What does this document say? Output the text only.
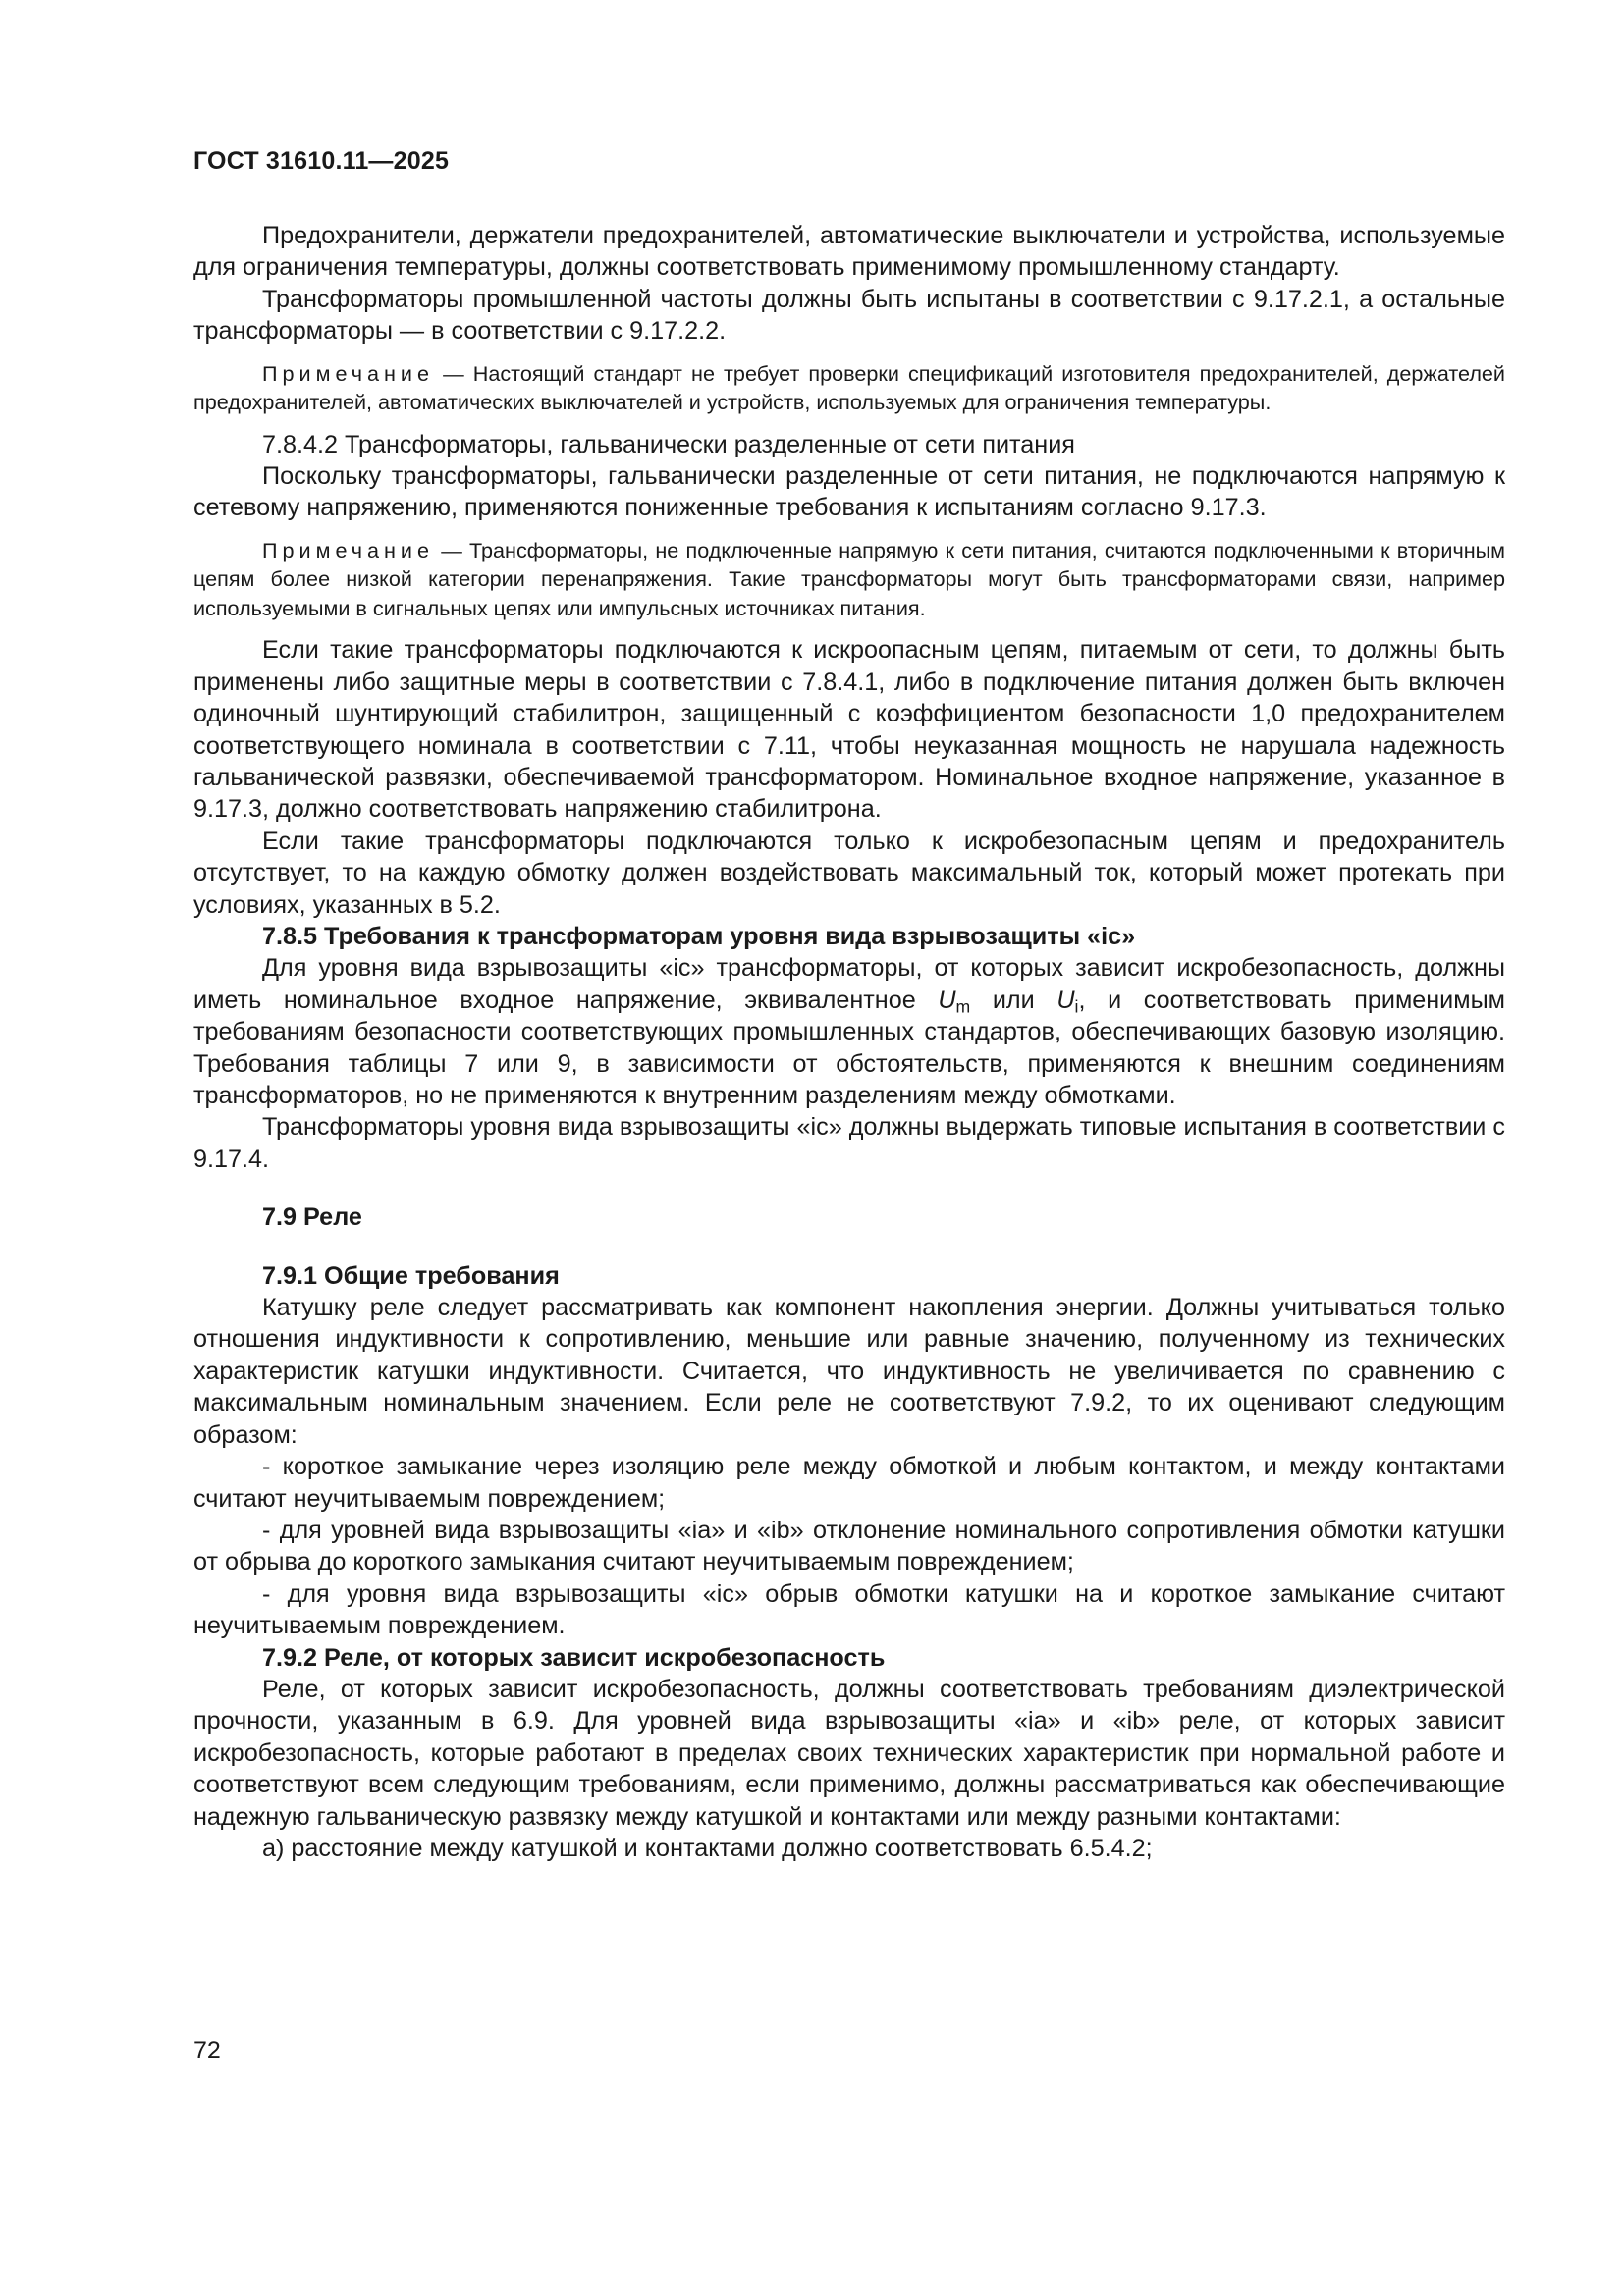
ГОСТ 31610.11—2025

Предохранители, держатели предохранителей, автоматические выключатели и устройства, используемые для ограничения температуры, должны соответствовать применимому промышленному стандарту.

Трансформаторы промышленной частоты должны быть испытаны в соответствии с 9.17.2.1, а остальные трансформаторы — в соответствии с 9.17.2.2.

Примечание — Настоящий стандарт не требует проверки спецификаций изготовителя предохранителей, держателей предохранителей, автоматических выключателей и устройств, используемых для ограничения температуры.

7.8.4.2 Трансформаторы, гальванически разделенные от сети питания

Поскольку трансформаторы, гальванически разделенные от сети питания, не подключаются напрямую к сетевому напряжению, применяются пониженные требования к испытаниям согласно 9.17.3.

Примечание — Трансформаторы, не подключенные напрямую к сети питания, считаются подключенными к вторичным цепям более низкой категории перенапряжения. Такие трансформаторы могут быть трансформаторами связи, например используемыми в сигнальных цепях или импульсных источниках питания.

Если такие трансформаторы подключаются к искроопасным цепям, питаемым от сети, то должны быть применены либо защитные меры в соответствии с 7.8.4.1, либо в подключение питания должен быть включен одиночный шунтирующий стабилитрон, защищенный с коэффициентом безопасности 1,0 предохранителем соответствующего номинала в соответствии с 7.11, чтобы неуказанная мощность не нарушала надежность гальванической развязки, обеспечиваемой трансформатором. Номинальное входное напряжение, указанное в 9.17.3, должно соответствовать напряжению стабилитрона.

Если такие трансформаторы подключаются только к искробезопасным цепям и предохранитель отсутствует, то на каждую обмотку должен воздействовать максимальный ток, который может протекать при условиях, указанных в 5.2.

7.8.5 Требования к трансформаторам уровня вида взрывозащиты «ic»

Для уровня вида взрывозащиты «ic» трансформаторы, от которых зависит искробезопасность, должны иметь номинальное входное напряжение, эквивалентное $U_m$ или $U_i$, и соответствовать применимым требованиям безопасности соответствующих промышленных стандартов, обеспечивающих базовую изоляцию. Требования таблицы 7 или 9, в зависимости от обстоятельств, применяются к внешним соединениям трансформаторов, но не применяются к внутренним разделениям между обмотками.

Трансформаторы уровня вида взрывозащиты «ic» должны выдержать типовые испытания в соответствии с 9.17.4.

7.9 Реле

7.9.1 Общие требования

Катушку реле следует рассматривать как компонент накопления энергии. Должны учитываться только отношения индуктивности к сопротивлению, меньшие или равные значению, полученному из технических характеристик катушки индуктивности. Считается, что индуктивность не увеличивается по сравнению с максимальным номинальным значением. Если реле не соответствуют 7.9.2, то их оценивают следующим образом:

- короткое замыкание через изоляцию реле между обмоткой и любым контактом, и между контактами считают неучитываемым повреждением;

- для уровней вида взрывозащиты «ia» и «ib» отклонение номинального сопротивления обмотки катушки от обрыва до короткого замыкания считают неучитываемым повреждением;

- для уровня вида взрывозащиты «ic» обрыв обмотки катушки на и короткое замыкание считают неучитываемым повреждением.

7.9.2 Реле, от которых зависит искробезопасность

Реле, от которых зависит искробезопасность, должны соответствовать требованиям диэлектрической прочности, указанным в 6.9. Для уровней вида взрывозащиты «ia» и «ib» реле, от которых зависит искробезопасность, которые работают в пределах своих технических характеристик при нормальной работе и соответствуют всем следующим требованиям, если применимо, должны рассматриваться как обеспечивающие надежную гальваническую развязку между катушкой и контактами или между разными контактами:

а) расстояние между катушкой и контактами должно соответствовать 6.5.4.2;

72
